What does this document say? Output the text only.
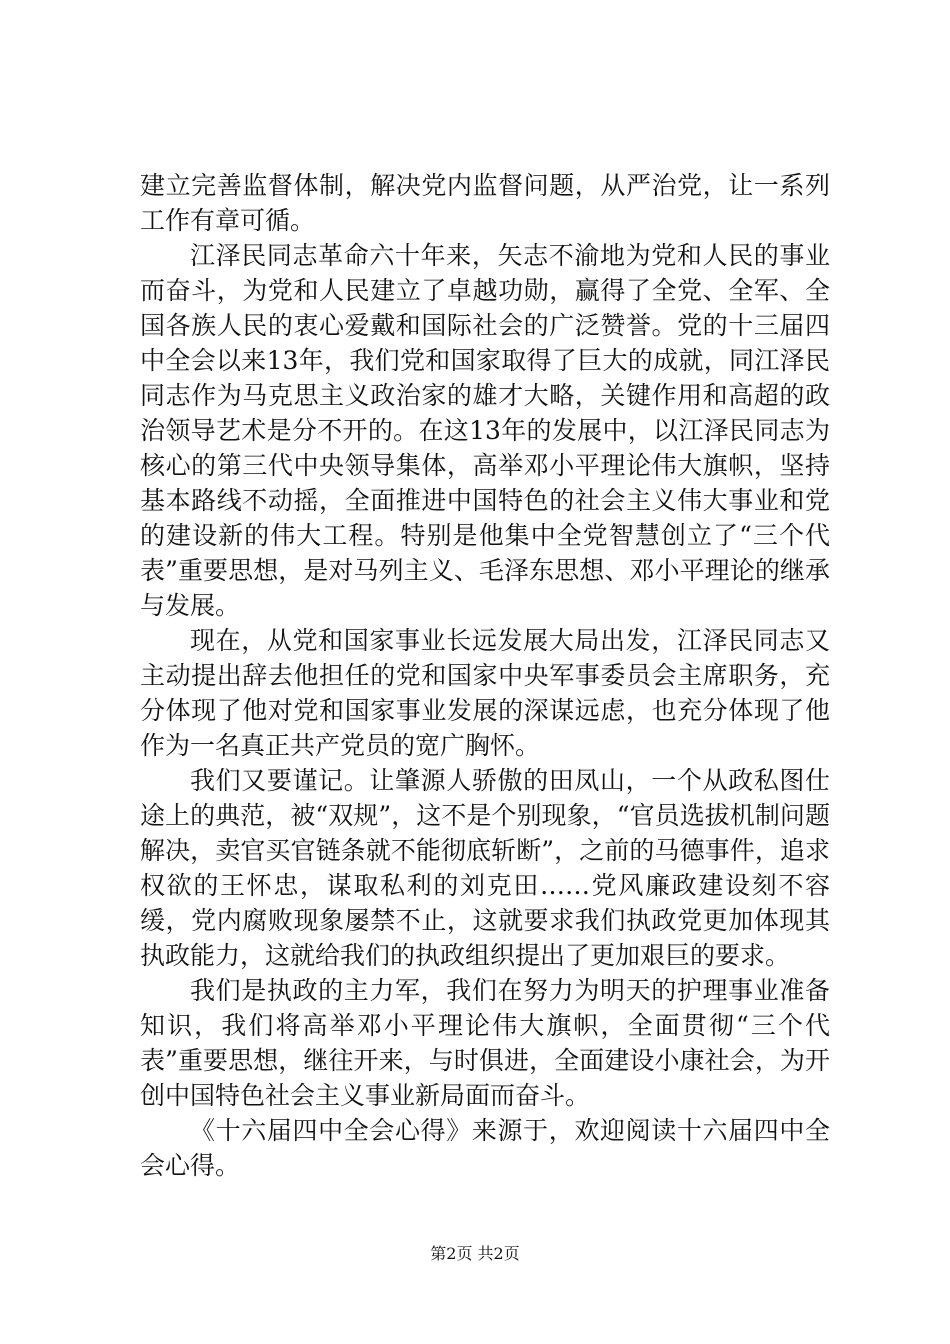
建立完善监督体制，解决党内监督问题，从严治党，让一系列工作有章可循。

江泽民同志革命六十年来，矢志不渝地为党和人民的事业而奋斗，为党和人民建立了卓越功勋，赢得了全党、全军、全国各族人民的衷心爱戴和国际社会的广泛赞誉。党的十三届四中全会以来13年，我们党和国家取得了巨大的成就，同江泽民同志作为马克思主义政治家的雄才大略，关键作用和高超的政治领导艺术是分不开的。在这13年的发展中，以江泽民同志为核心的第三代中央领导集体，高举邓小平理论伟大旗帜，坚持基本路线不动摇，全面推进中国特色的社会主义伟大事业和党的建设新的伟大工程。特别是他集中全党智慧创立了“三个代表”重要思想，是对马列主义、毛泽东思想、邓小平理论的继承与发展。

现在，从党和国家事业长远发展大局出发，江泽民同志又主动提出辞去他担任的党和国家中央军事委员会主席职务，充分体现了他对党和国家事业发展的深谋远虑，也充分体现了他作为一名真正共产党员的宽广胸怀。

我们又要谨记。让肇源人骄傲的田凤山，一个从政私图仕途上的典范，被“双规”，这不是个别现象，“官员选拔机制问题解决，卖官买官链条就不能彻底斩断”，之前的马德事件，追求权欲的王怀忠，谋取私利的刘克田……党风廉政建设刻不容缓，党内腐败现象屡禁不止，这就要求我们执政党更加体现其执政能力，这就给我们的执政组织提出了更加艰巨的要求。

我们是执政的主力军，我们在努力为明天的护理事业准备知识，我们将高举邓小平理论伟大旗帜，全面贯彻“三个代表”重要思想，继往开来，与时俱进，全面建设小康社会，为开创中国特色社会主义事业新局面而奋斗。

《十六届四中全会心得》来源于，欢迎阅读十六届四中全会心得。

第2页 共2页
